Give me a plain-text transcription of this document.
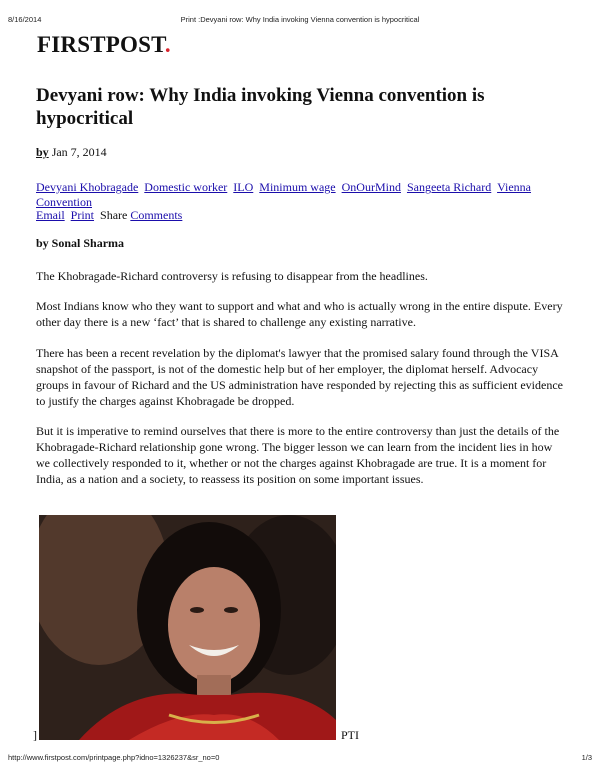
8/16/2014	Print :Devyani row: Why India invoking Vienna convention is hypocritical
FIRSTPOST.
Devyani row: Why India invoking Vienna convention is hypocritical
by Jan 7, 2014
Devyani Khobragade Domestic worker ILO Minimum wage OnOurMind Sangeeta Richard Vienna Convention
Email Print Share Comments
by Sonal Sharma

The Khobragade-Richard controversy is refusing to disappear from the headlines.

Most Indians know who they want to support and what and who is actually wrong in the entire dispute. Every other day there is a new ‘fact’ that is shared to challenge any existing narrative.

There has been a recent revelation by the diplomat's lawyer that the promised salary found through the VISA snapshot of the passport, is not of the domestic help but of her employer, the diplomat herself. Advocacy groups in favour of Richard and the US administration have responded by rejecting this as sufficient evidence to justify the charges against Khobragade be dropped.

But it is imperative to remind ourselves that there is more to the entire controversy than just the details of the Khobragade-Richard relationship gone wrong. The bigger lesson we can learn from the incident lies in how we collectively responded to it, whether or not the charges against Khobragade are true. It is a moment for India, as a nation and a society, to reassess its position on some important issues.

]	PTI
http://www.firstpost.com/printpage.php?idno=1326237&sr_no=0	1/3
